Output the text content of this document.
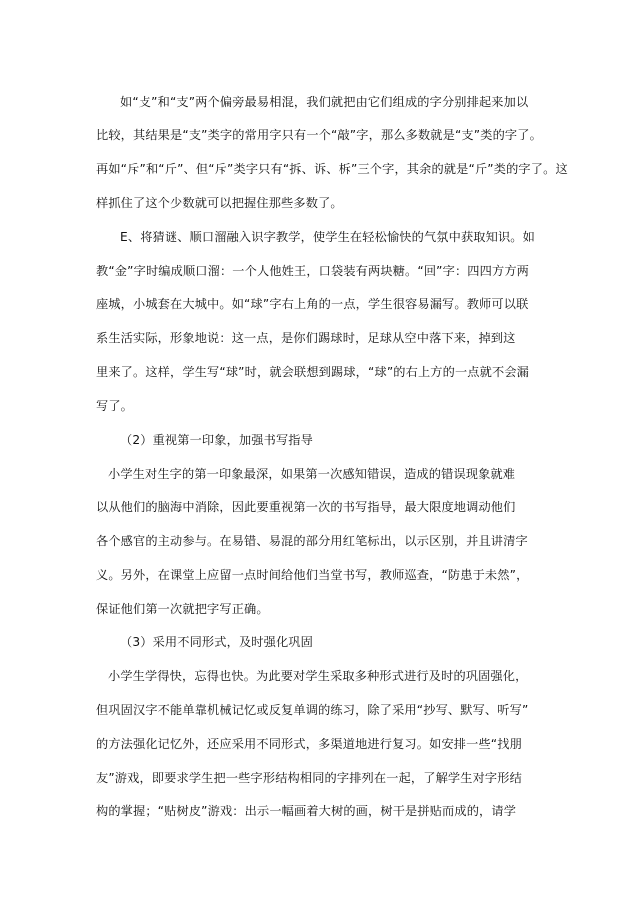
如“攴”和“支”两个偏旁最易相混，我们就把由它们组成的字分别排起来加以
比较，其结果是“支”类字的常用字只有一个“敲”字，那么多数就是“支”类的字了。
再如“斥”和“斤”、但“斥”类字只有“拆、诉、柝”三个字，其余的就是“斤”类的字了。这
样抓住了这个少数就可以把握住那些多数了。
E、将猜谜、顺口溜融入识字教学，使学生在轻松愉快的气氛中获取知识。如
教“金”字时编成顺口溜：一个人他姓王，口袋装有两块糖。“回”字：四四方方两
座城，小城套在大城中。如“球”字右上角的一点，学生很容易漏写。教师可以联
系生活实际，形象地说：这一点，是你们踢球时，足球从空中落下来，掉到这
里来了。这样，学生写“球”时，就会联想到踢球，“球”的右上方的一点就不会漏
写了。
（2）重视第一印象，加强书写指导
小学生对生字的第一印象最深，如果第一次感知错误，造成的错误现象就难
以从他们的脑海中消除，因此要重视第一次的书写指导，最大限度地调动他们
各个感官的主动参与。在易错、易混的部分用红笔标出，以示区别，并且讲清字
义。另外，在课堂上应留一点时间给他们当堂书写，教师巡查，“防患于未然”，
保证他们第一次就把字写正确。
（3）采用不同形式，及时强化巩固
小学生学得快，忘得也快。为此要对学生采取多种形式进行及时的巩固强化，
但巩固汉字不能单靠机械记忆或反复单调的练习，除了采用“抄写、默写、听写”
的方法强化记忆外，还应采用不同形式，多渠道地进行复习。如安排一些“找朋
友”游戏，即要求学生把一些字形结构相同的字排列在一起，了解学生对字形结
构的掌握；“贴树皮”游戏：出示一幅画着大树的画，树干是拼贴而成的，请学
